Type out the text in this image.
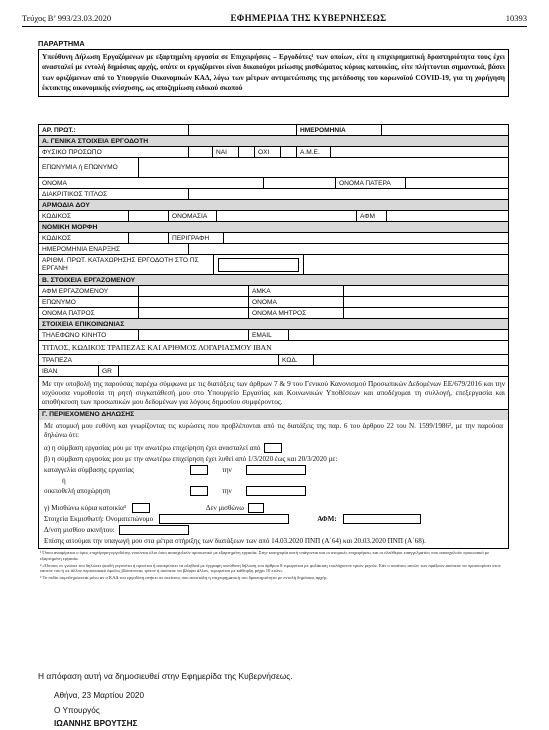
Τεύχος B’ 993/23.03.2020	ΕΦΗΜΕΡΙΔΑ ΤΗΣ ΚΥΒΕΡΝΗΣΕΩΣ	10393
ΠΑΡΑΡΤΗΜΑ
Υπεύθυνη Δήλωση Εργαζόμενων με εξαρτημένη εργασία σε Επιχειρήσεις – Εργοδότες¹ των οποίων, είτε η επιχειρηματική δραστηριότητα τους έχει ανασταλεί με εντολή δημόσιας αρχής, οπότε οι εργαζόμενοι είναι δικαιούχοι μείωσης μισθώματος κύριας κατοικίας, είτε πλήττονται σημαντικά, βάσει των οριζόμενων από το Υπουργείο Οικονομικών ΚΑΔ, λόγω των μέτρων αντιμετώπισης της μετάδοσης του κορωνοϊού COVID-19, για τη χορήγηση έκτακτης οικονομικής ενίσχυσης, ως αποζημίωση ειδικού σκοπού
ΑΡ. ΠΡΩΤ.:	ΗΜΕΡΟΜΗΝΙΑ
Α. ΓΕΝΙΚΑ ΣΤΟΙΧΕΙΑ ΕΡΓΟΔΟΤΗ
ΦΥΣΙΚΟ ΠΡΟΣΩΠΟ	ΝΑΙ	ΟΧΙ	Α.Μ.Ε.
ΕΠΩΝΥΜΙΑ ή ΕΠΩΝΥΜΟ
ΟΝΟΜΑ	ΟΝΟΜΑ ΠΑΤΕΡΑ
ΔΙΑΚΡΙΤΙΚΟΣ ΤΙΤΛΟΣ
ΑΡΜΟΔΙΑ ΔΟΥ
ΚΩΔΙΚΟΣ	ΟΝΟΜΑΣΙΑ	ΑΦΜ
ΝΟΜΙΚΗ ΜΟΡΦΗ
ΚΩΔΙΚΟΣ	ΠΕΡΙΓΡΑΦΗ
ΗΜΕΡΟΜΗΝΙΑ ΕΝΑΡΞΗΣ
ΑΡΙΘΜ. ΠΡΩΤ. ΚΑΤΑΧΩΡΗΣΗΣ ΕΡΓΟΔΟΤΗ ΣΤΟ ΠΣ ΕΡΓΑΝΗ
Β. ΣΤΟΙΧΕΙΑ ΕΡΓΑΖΟΜΕΝΟΥ
ΑΦΜ ΕΡΓΑΖΟΜΕΝΟΥ	ΑΜΚΑ
ΕΠΩΝΥΜΟ	ΟΝΟΜΑ
ΟΝΟΜΑ ΠΑΤΡΟΣ	ΟΝΟΜΑ ΜΗΤΡΟΣ
ΣΤΟΙΧΕΙΑ ΕΠΙΚΟΙΝΩΝΙΑΣ
ΤΗΛΕΦΩΝΟ ΚΙΝΗΤΟ	EMAIL
ΤΙΤΛΟΣ, ΚΩΔΙΚΟΣ ΤΡΑΠΕΖΑΣ ΚΑΙ ΑΡΙΘΜΟΣ ΛΟΓΑΡΙΑΣΜΟΥ IBAN
ΤΡΑΠΕΖΑ	ΚΩΔ.
IBAN	GR
Με την υποβολή της παρούσας παρέχω σύμφωνα με τις διατάξεις των άρθρων 7 & 9 του Γενικού Κανονισμού Προσωπικών Δεδομένων ΕΕ/679/2016 και την ισχύουσα νομοθεσία τη ρητή συγκατάθεσή μου στο Υπουργείο Εργασίας και Κοινωνικών Υποθέσεων και αποδέχομαι τη συλλογή, επεξεργασία και αποθήκευση των προσωπικών μου δεδομένων για λόγους δημοσίου συμφέροντος.
Γ. ΠΕΡΙΕΧΟΜΕΝΟ ΔΗΛΩΣΗΣ
Με ατομική μου ευθύνη και γνωρίζοντας τις κυρώσεις που προβλέπονται από τις διατάξεις της παρ. 6 του άρθρου 22 του Ν. 1599/1986², με την παρούσα δηλώνω ότι:
α) η σύμβαση εργασίας μου με την ανωτέρω επιχείρηση έχει ανασταλεί από
β) η σύμβαση εργασίας μου με την ανωτέρω επιχείρηση έχει λυθεί από 1/3/2020 έως και 20/3/2020 με:
καταγγελία σύμβασης εργασίας	την
ή
οικειοθελή αποχώρηση	την
γ) Μισθώνω κύρια κατοικία³	Δεν μισθώνω
Στοιχεία Εκμισθωτή: Ονοματεπώνυμο	ΑΦΜ:
Δ/νση μισθίου ακινήτου:
Επίσης αιτούμαι την υπαγωγή μου στα μέτρα στήριξης των διατάξεων των από 14.03.2020 ΠΝΠ (Α΄64) και 20.03.2020 ΠΝΠ (Α΄68).
¹ Όπου αναφέρεται ο όρος επιχείρηση-εργοδότης νοούνται όλοι όσοι απασχολούν προσωπικό με εξαρτημένη εργασία. Στην κατηγορία αυτή υπάγονται και οι ατομικές επιχειρήσεις και οι ελεύθεροι επαγγελματίες που απασχολούν προσωπικό με εξαρτημένη εργασία.
² «Όποιος εν γνώσει του δηλώνει ψευδή γεγονότα ή αρνείται ή αποκρύπτει τα αληθινά με έγγραφη υπεύθυνη δήλωση του άρθρου 8 τιμωρείται με φυλάκιση τουλάχιστον τριών μηνών. Εάν ο υπαίτιος αυτών των πράξεων σκόπευε να προσπορίσει στον εαυτόν του ή σε άλλον περιουσιακό όφελος βλάπτοντας τρίτον ή σκόπευε να βλάψει άλλον, τιμωρείται με κάθειρξη μέχρι 10 ετών»
³ Το πεδίο συμπληρώνεται μόνο αν ο ΚΑΔ του εργοδότη ανήκει σε εκείνους που ανεστάλη η επιχειρηματική του δραστηριότητα με εντολή δημόσιας αρχής.
Η απόφαση αυτή να δημοσιευθεί στην Εφημερίδα της Κυβερνήσεως.
Αθήνα, 23 Μαρτίου 2020
Ο Υπουργός
ΙΩΑΝΝΗΣ ΒΡΟΥΤΣΗΣ
